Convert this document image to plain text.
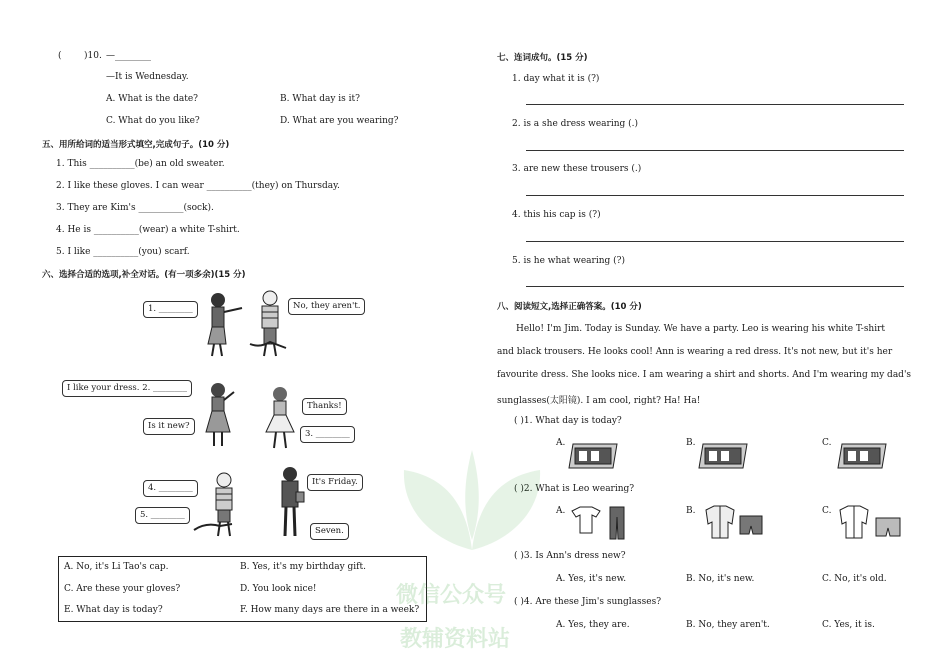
( )10. —________
—It is Wednesday.
A. What is the date?	B. What day is it?
C. What do you like?	D. What are you wearing?
五、用所给词的适当形式填空,完成句子。(10 分)
1. This __________(be) an old sweater.
2. I like these gloves. I can wear __________(they) on Thursday.
3. They are Kim's __________(sock).
4. He is __________(wear) a white T-shirt.
5. I like __________(you) scarf.
六、选择合适的选项,补全对话。(有一项多余)(15 分)
1. ________	No, they aren't.
I like your dress. 2. ________
Thanks!
Is it new?
3. ________
4. ________
5. ________
It's Friday.
Seven.
A. No, it's Li Tao's cap.	B. Yes, it's my birthday gift.
C. Are these your gloves?	D. You look nice!
E. What day is today?	F. How many days are there in a week?
七、连词成句。(15 分)
1. day what it is (?)
2. is a she dress wearing (.)
3. are new these trousers (.)
4. this his cap is (?)
5. is he what wearing (?)
八、阅读短文,选择正确答案。(10 分)
Hello! I'm Jim. Today is Sunday. We have a party. Leo is wearing his white T-shirt
and black trousers. He looks cool! Ann is wearing a red dress. It's not new, but it's her
favourite dress. She looks nice. I am wearing a shirt and shorts. And I'm wearing my dad's
sunglasses(太阳镜). I am cool, right? Ha! Ha!
( )1. What day is today?
A.	B.	C.
( )2. What is Leo wearing?
A.	B.	C.
( )3. Is Ann's dress new?
A. Yes, it's new.	B. No, it's new.	C. No, it's old.
( )4. Are these Jim's sunglasses?
A. Yes, they are.	B. No, they aren't.	C. Yes, it is.
微信公众号
教辅资料站
